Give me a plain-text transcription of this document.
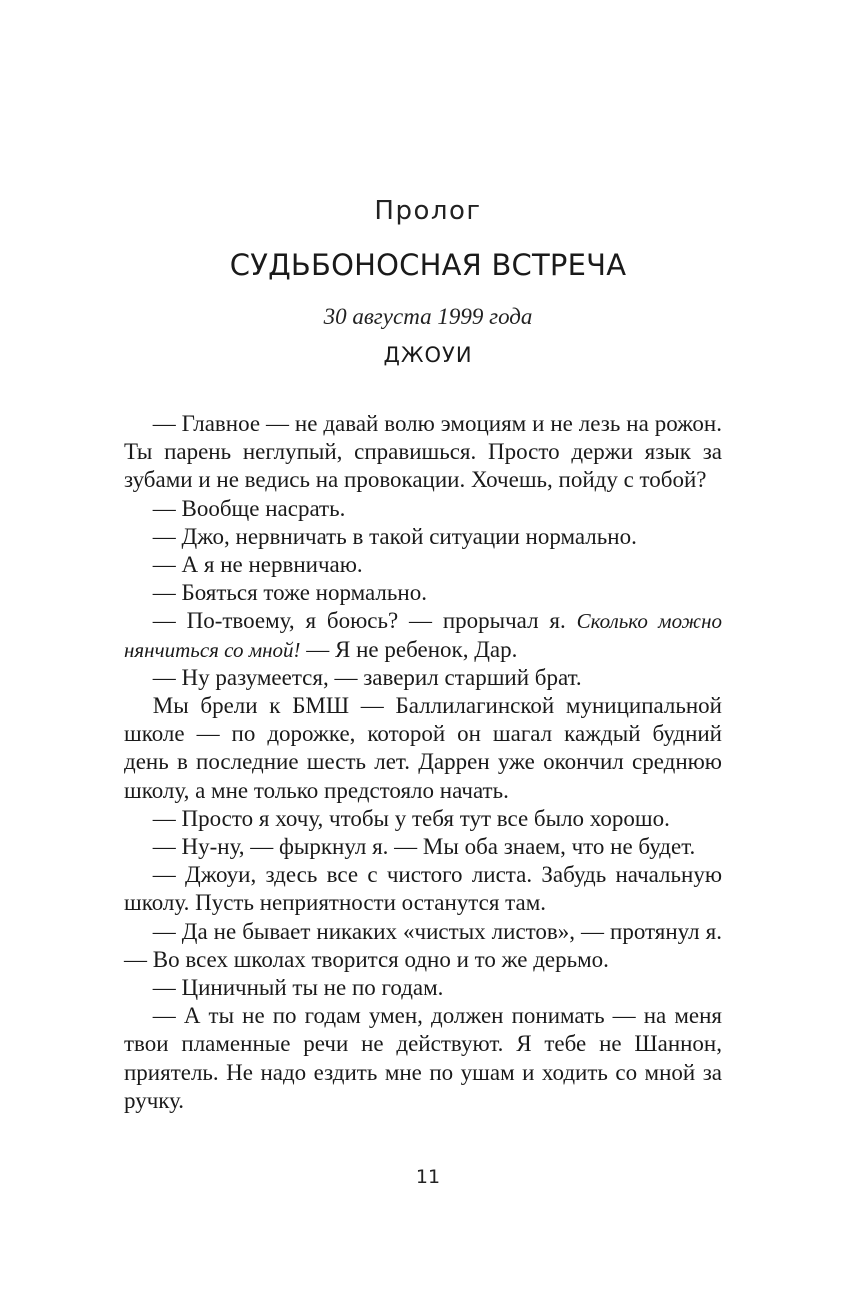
Пролог
СУДЬБОНОСНАЯ ВСТРЕЧА
30 августа 1999 года
ДЖОУИ

— Главное — не давай волю эмоциям и не лезь на рожон. Ты парень неглупый, справишься. Просто держи язык за зубами и не ведись на провокации. Хочешь, пойду с тобой?

— Вообще насрать.

— Джо, нервничать в такой ситуации нормально.

— А я не нервничаю.

— Бояться тоже нормально.

— По-твоему, я боюсь? — прорычал я. Сколько можно нянчиться со мной! — Я не ребенок, Дар.

— Ну разумеется, — заверил старший брат.

Мы брели к БМШ — Баллилагинской муниципальной школе — по дорожке, которой он шагал каждый будний день в последние шесть лет. Даррен уже окончил среднюю школу, а мне только предстояло начать.

— Просто я хочу, чтобы у тебя тут все было хорошо.

— Ну-ну, — фыркнул я. — Мы оба знаем, что не будет.

— Джоуи, здесь все с чистого листа. Забудь начальную школу. Пусть неприятности останутся там.

— Да не бывает никаких «чистых листов», — протянул я. — Во всех школах творится одно и то же дерьмо.

— Циничный ты не по годам.

— А ты не по годам умен, должен понимать — на меня твои пламенные речи не действуют. Я тебе не Шаннон, приятель. Не надо ездить мне по ушам и ходить со мной за ручку.

11
